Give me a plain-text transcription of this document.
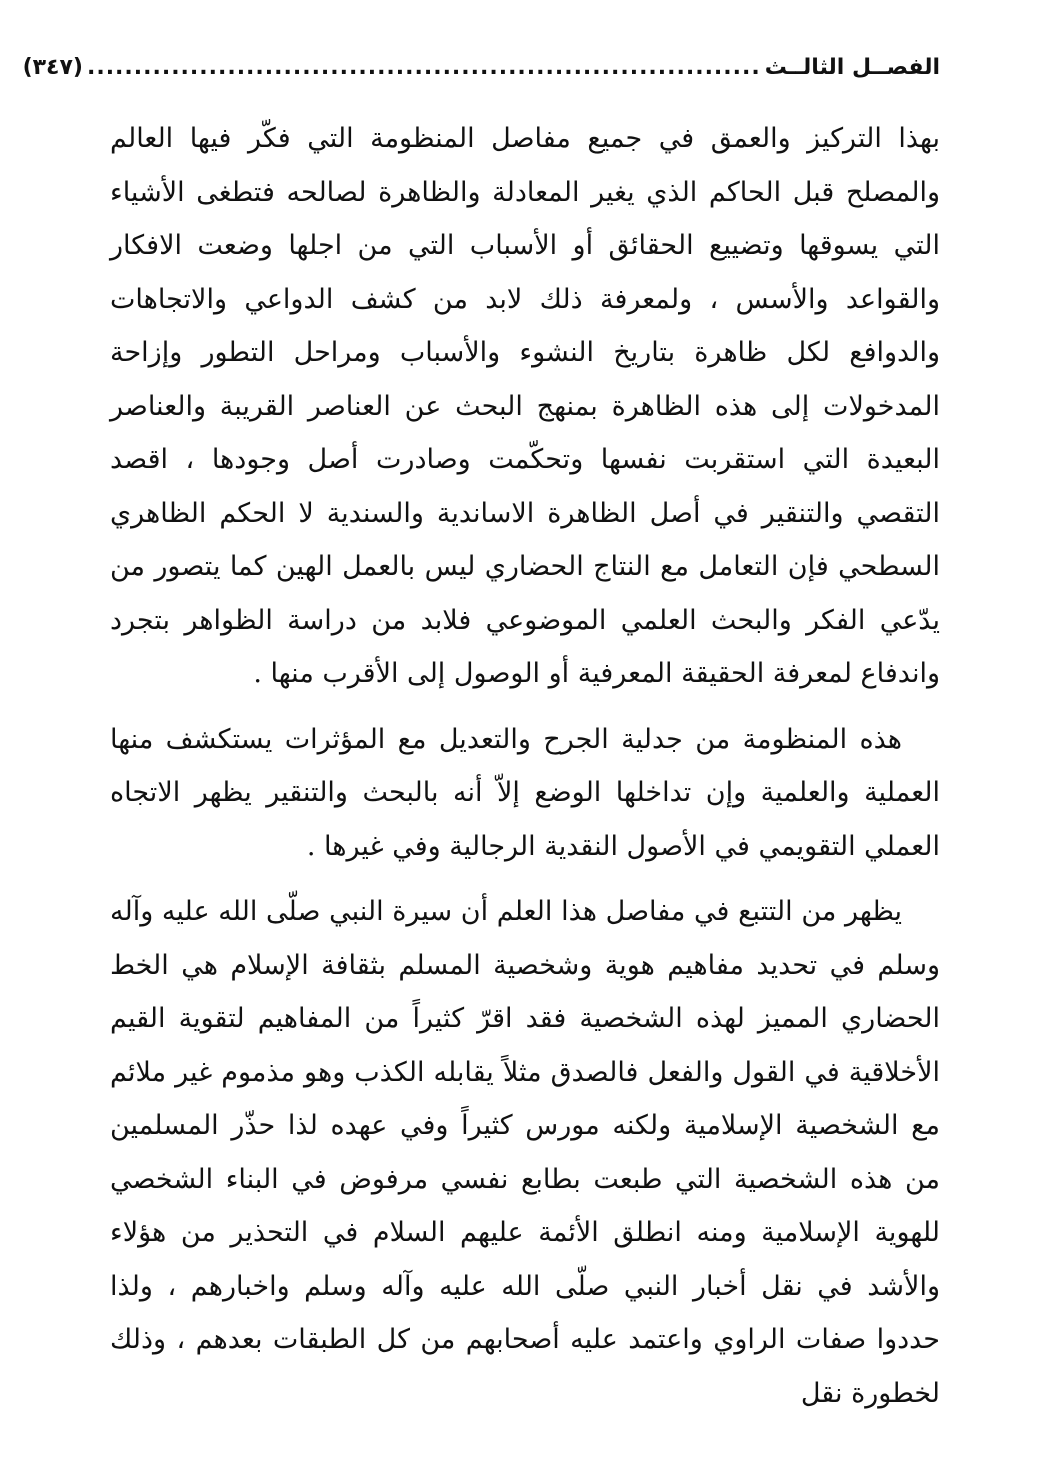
الفصــل الثالــث
........................................................................
(٣٤٧)

بهذا التركيز والعمق في جميع مفاصل المنظومة التي فكّر فيها العالم والمصلح قبل الحاكم الذي يغير المعادلة والظاهرة لصالحه فتطغى الأشياء التي يسوقها وتضييع الحقائق أو الأسباب التي من اجلها وضعت الافكار والقواعد والأسس ، ولمعرفة ذلك لابد من كشف الدواعي والاتجاهات والدوافع لكل ظاهرة بتاريخ النشوء والأسباب ومراحل التطور وإزاحة المدخولات إلى هذه الظاهرة بمنهج البحث عن العناصر القريبة والعناصر البعيدة التي استقربت نفسها وتحكّمت وصادرت أصل وجودها ، اقصد التقصي والتنقير في أصل الظاهرة الاساندية والسندية لا الحكم الظاهري السطحي فإن التعامل مع النتاج الحضاري ليس بالعمل الهين كما يتصور من يدّعي الفكر والبحث العلمي الموضوعي فلابد من دراسة الظواهر بتجرد واندفاع لمعرفة الحقيقة المعرفية أو الوصول إلى الأقرب منها .

هذه المنظومة من جدلية الجرح والتعديل مع المؤثرات يستكشف منها العملية والعلمية وإن تداخلها الوضع إلاّ أنه بالبحث والتنقير يظهر الاتجاه العملي التقويمي في الأصول النقدية الرجالية وفي غيرها .

يظهر من التتبع في مفاصل هذا العلم أن سيرة النبي صلّى الله عليه وآله وسلم في تحديد مفاهيم هوية وشخصية المسلم بثقافة الإسلام هي الخط الحضاري المميز لهذه الشخصية فقد اقرّ كثيراً من المفاهيم لتقوية القيم الأخلاقية في القول والفعل فالصدق مثلاً يقابله الكذب وهو مذموم غير ملائم مع الشخصية الإسلامية ولكنه مورس كثيراً وفي عهده لذا حذّر المسلمين من هذه الشخصية التي طبعت بطابع نفسي مرفوض في البناء الشخصي للهوية الإسلامية ومنه انطلق الأئمة عليهم السلام في التحذير من هؤلاء والأشد في نقل أخبار النبي صلّى الله عليه وآله وسلم واخبارهم ، ولذا حددوا صفات الراوي واعتمد عليه أصحابهم من كل الطبقات بعدهم ، وذلك لخطورة نقل
